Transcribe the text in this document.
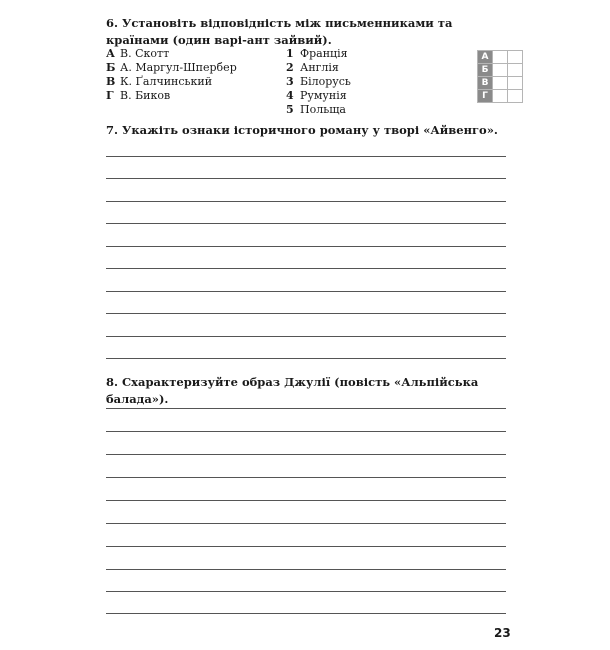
6. Установіть відповідність між письменниками та країнами (один варі-ант зайвий).
А В. Скотт
Б А. Маргул-Шпербер
В К. Ґалчинський
Г В. Биков
1 Франція
2 Англія
3 Білорусь
4 Румунія
5 Польща
А		
Б		
В		
Г		
7. Укажіть ознаки історичного роману у творі «Айвенго».
8. Схарактеризуйте образ Джулії (повість «Альпійська балада»).
23
